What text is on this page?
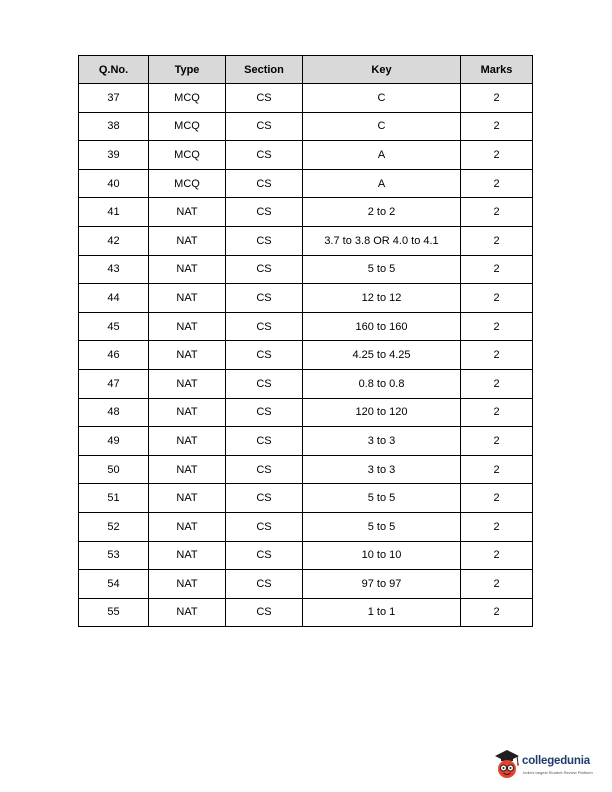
Q.No.	Type	Section	Key	Marks
37	MCQ	CS	C	2
38	MCQ	CS	C	2
39	MCQ	CS	A	2
40	MCQ	CS	A	2
41	NAT	CS	2 to 2	2
42	NAT	CS	3.7 to 3.8 OR 4.0 to 4.1	2
43	NAT	CS	5 to 5	2
44	NAT	CS	12 to 12	2
45	NAT	CS	160 to 160	2
46	NAT	CS	4.25 to 4.25	2
47	NAT	CS	0.8 to 0.8	2
48	NAT	CS	120 to 120	2
49	NAT	CS	3 to 3	2
50	NAT	CS	3 to 3	2
51	NAT	CS	5 to 5	2
52	NAT	CS	5 to 5	2
53	NAT	CS	10 to 10	2
54	NAT	CS	97 to 97	2
55	NAT	CS	1 to 1	2
collegedunia
India's largest Student Review Platform
